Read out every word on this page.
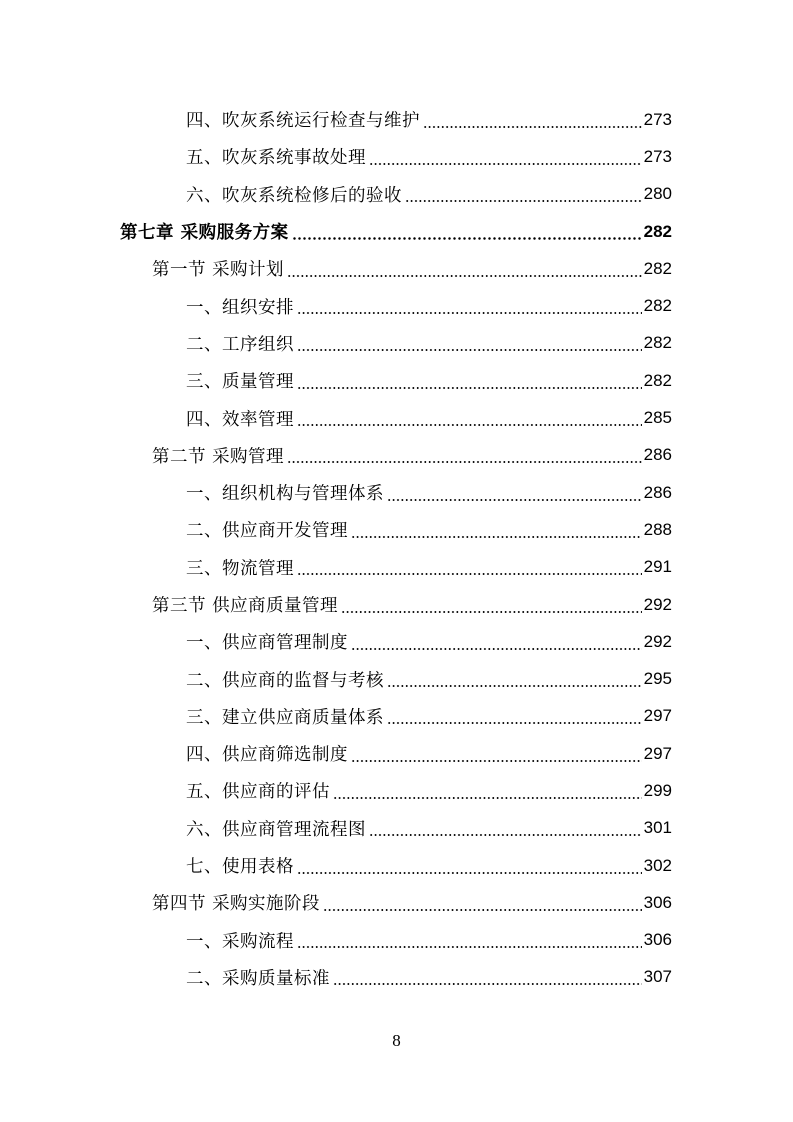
四、吹灰系统运行检查与维护	273
五、吹灰系统事故处理	273
六、吹灰系统检修后的验收	280
第七章 采购服务方案	282
第一节 采购计划	282
一、组织安排	282
二、工序组织	282
三、质量管理	282
四、效率管理	285
第二节 采购管理	286
一、组织机构与管理体系	286
二、供应商开发管理	288
三、物流管理	291
第三节 供应商质量管理	292
一、供应商管理制度	292
二、供应商的监督与考核	295
三、建立供应商质量体系	297
四、供应商筛选制度	297
五、供应商的评估	299
六、供应商管理流程图	301
七、使用表格	302
第四节 采购实施阶段	306
一、采购流程	306
二、采购质量标准	307
8
